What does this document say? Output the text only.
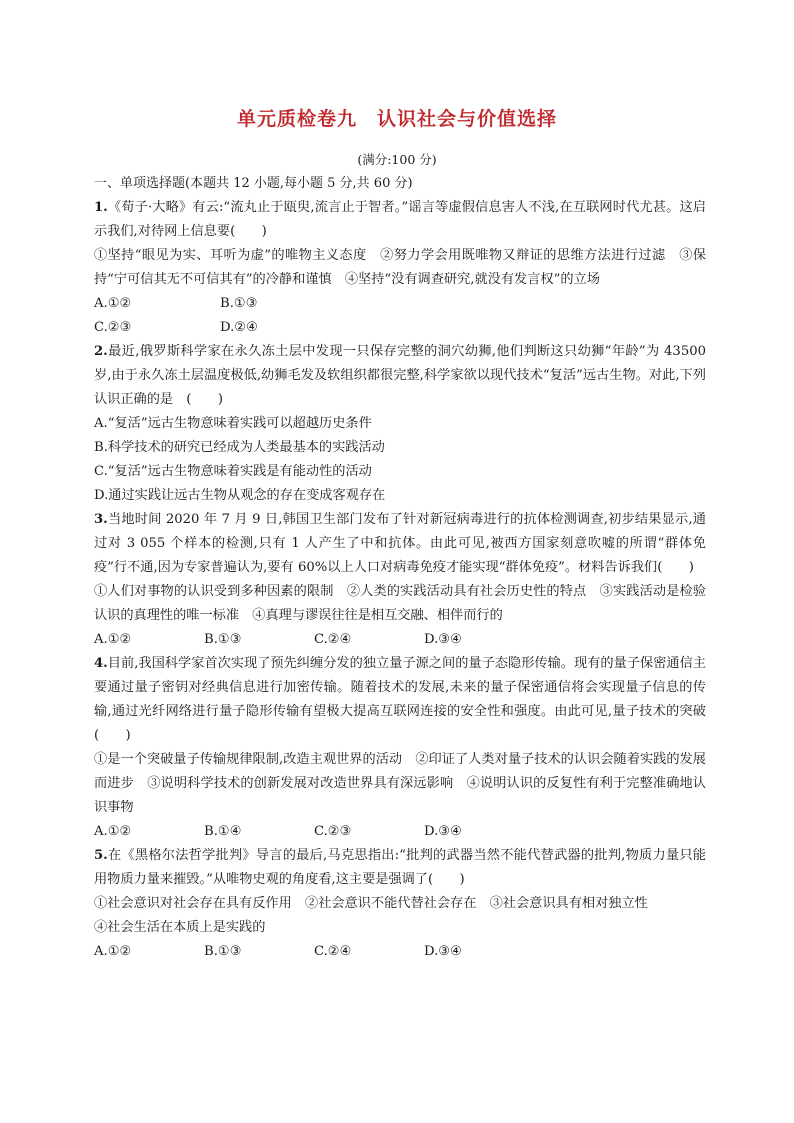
单元质检卷九　认识社会与价值选择
(满分:100 分)
一、单项选择题(本题共 12 小题,每小题 5 分,共 60 分)

1.《荀子·大略》有云:“流丸止于瓯臾,流言止于智者。”谣言等虚假信息害人不浅,在互联网时代尤甚。这启示我们,对待网上信息要(　　)

①坚持“眼见为实、耳听为虚”的唯物主义态度　②努力学会用既唯物又辩证的思维方法进行过滤　③保持“宁可信其无不可信其有”的冷静和谨慎　④坚持“没有调查研究,就没有发言权”的立场

A.①②	B.①③
C.②③	D.②④

2.最近,俄罗斯科学家在永久冻土层中发现一只保存完整的洞穴幼狮,他们判断这只幼狮“年龄”为 43500 岁,由于永久冻土层温度极低,幼狮毛发及软组织都很完整,科学家欲以现代技术“复活”远古生物。对此,下列认识正确的是　(　　)

A.“复活”远古生物意味着实践可以超越历史条件

B.科学技术的研究已经成为人类最基本的实践活动

C.“复活”远古生物意味着实践是有能动性的活动

D.通过实践让远古生物从观念的存在变成客观存在

3.当地时间 2020 年 7 月 9 日,韩国卫生部门发布了针对新冠病毒进行的抗体检测调查,初步结果显示,通过对 3 055 个样本的检测,只有 1 人产生了中和抗体。由此可见,被西方国家刻意吹嘘的所谓“群体免疫”行不通,因为专家普遍认为,要有 60%以上人口对病毒免疫才能实现“群体免疫”。材料告诉我们(　　)

①人们对事物的认识受到多种因素的限制　②人类的实践活动具有社会历史性的特点　③实践活动是检验认识的真理性的唯一标准　④真理与谬误往往是相互交融、相伴而行的

A.①②	B.①③	C.②④	D.③④

4.目前,我国科学家首次实现了预先纠缠分发的独立量子源之间的量子态隐形传输。现有的量子保密通信主要通过量子密钥对经典信息进行加密传输。随着技术的发展,未来的量子保密通信将会实现量子信息的传输,通过光纤网络进行量子隐形传输有望极大提高互联网连接的安全性和强度。由此可见,量子技术的突破(　　)

①是一个突破量子传输规律限制,改造主观世界的活动　②印证了人类对量子技术的认识会随着实践的发展而进步　③说明科学技术的创新发展对改造世界具有深远影响　④说明认识的反复性有利于完整准确地认识事物

A.①②	B.①④	C.②③	D.③④

5.在《黑格尔法哲学批判》导言的最后,马克思指出:“批判的武器当然不能代替武器的批判,物质力量只能用物质力量来摧毁。”从唯物史观的角度看,这主要是强调了(　　)

①社会意识对社会存在具有反作用　②社会意识不能代替社会存在　③社会意识具有相对独立性

④社会生活在本质上是实践的

A.①②	B.①③	C.②④	D.③④
